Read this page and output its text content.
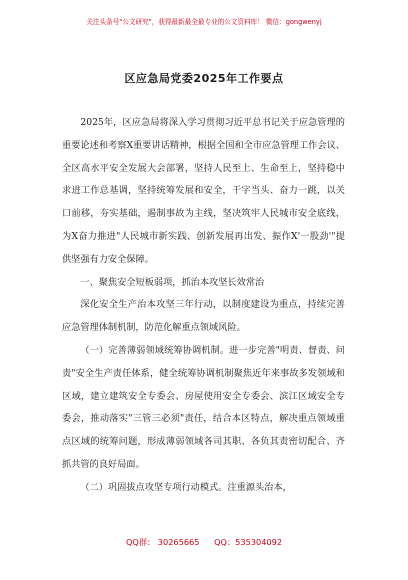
关注头条号"公文研究"，获得最新最全最专业的公文资料库！ 微信：gongwenyj
区应急局党委2025年工作要点

2025年，区应急局将深入学习贯彻习近平总书记关于应急管理的重要论述和考察X重要讲话精神，根据全国和全市应急管理工作会议、全区高水平安全发展大会部署，坚持人民至上、生命至上，坚持稳中求进工作总基调，坚持统筹发展和安全，干字当头、奋力一跳，以关口前移，夯实基础，遏制事故为主线，坚决筑牢人民城市安全底线，为X奋力推进"人民城市新实践、创新发展再出发、振作X'一股劲'"提供坚强有力安全保障。

一、聚焦安全短板弱项，抓治本攻坚长效常治

深化安全生产治本攻坚三年行动，以制度建设为重点，持续完善应急管理体制机制，防范化解重点领域风险。

（一）完善薄弱领域统筹协调机制。进一步完善"明责、督责、问责"安全生产责任体系，健全统筹协调机制聚焦近年来事故多发领域和区域，建立建筑安全专委会、房屋使用安全专委会、滨江区域安全专委会，推动落实"三管三必须"责任，结合本区特点，解决重点领域重点区域的统筹问题，形成薄弱领域各司其职、各负其责密切配合、齐抓共管的良好局面。

（二）巩固拔点攻坚专项行动模式。注重源头治本，

QQ群： 30265665 QQ：535304092
